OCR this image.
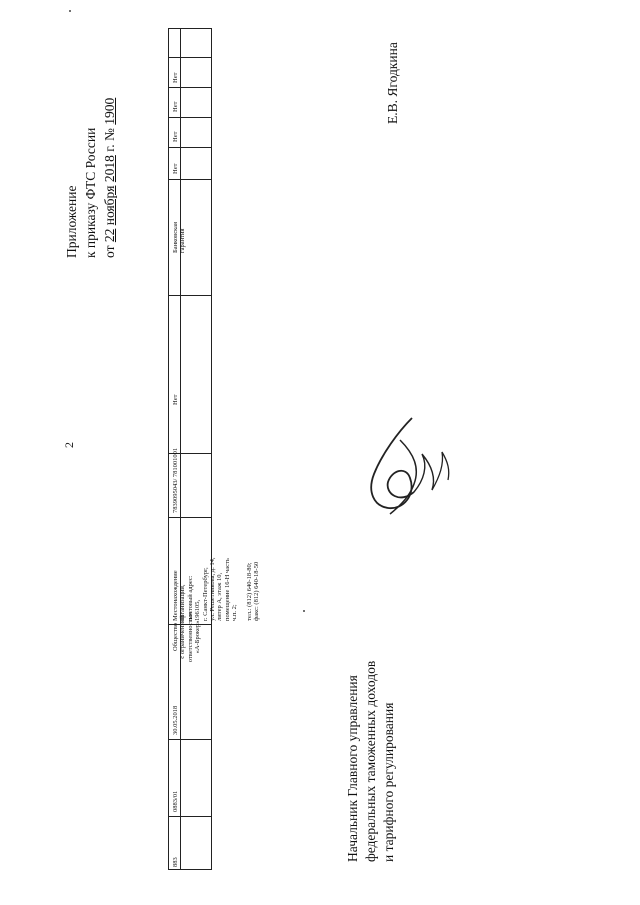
2
Приложение к приказу ФТС России от 22 ноября 2018 г. № 1900	Е.В. Ягодкина
Начальник Главного управления федеральных таможенных доходов и тарифного регулирования
883
0883/01
30.05.2018
Общество с ограниченной ответственностью «А-Брокер»
Местонахождение организации, почтовый адрес: 196105, г. Санкт-Петербург, ул. Решетникова, д. 14, литер А, этаж 10, помещение 16-Н часть ч.п. 2;
тел.: (812) 640-18-80; факс: (812) 640-18-50
7839095043/ 781001001
Нет
Банковская гарантия
Нет
Нет
Нет
Нет
